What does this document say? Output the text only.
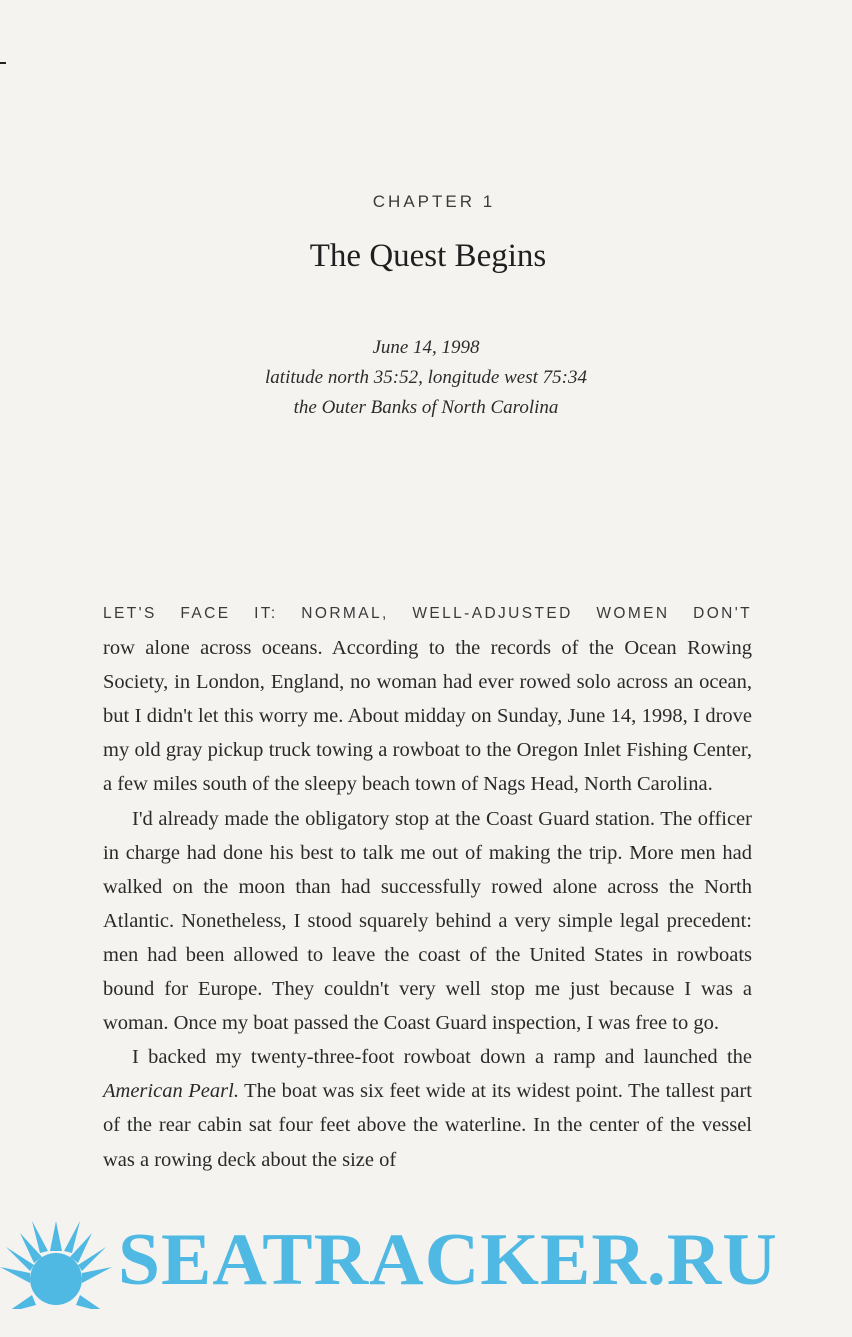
CHAPTER 1
The Quest Begins
June 14, 1998
latitude north 35:52, longitude west 75:34
the Outer Banks of North Carolina

LET'S FACE IT: NORMAL, WELL-ADJUSTED WOMEN DON'T
row alone across oceans. According to the records of the Ocean Rowing Society, in London, England, no woman had ever rowed solo across an ocean, but I didn't let this worry me. About midday on Sunday, June 14, 1998, I drove my old gray pickup truck towing a rowboat to the Oregon Inlet Fishing Center, a few miles south of the sleepy beach town of Nags Head, North Carolina.

I'd already made the obligatory stop at the Coast Guard station. The officer in charge had done his best to talk me out of making the trip. More men had walked on the moon than had successfully rowed alone across the North Atlantic. Nonetheless, I stood squarely behind a very simple legal precedent: men had been allowed to leave the coast of the United States in rowboats bound for Europe. They couldn't very well stop me just because I was a woman. Once my boat passed the Coast Guard inspection, I was free to go.

I backed my twenty-three-foot rowboat down a ramp and launched the American Pearl. The boat was six feet wide at its widest point. The tallest part of the rear cabin sat four feet above the waterline. In the center of the vessel was a rowing deck about the size of

SEATRACKER.RU
